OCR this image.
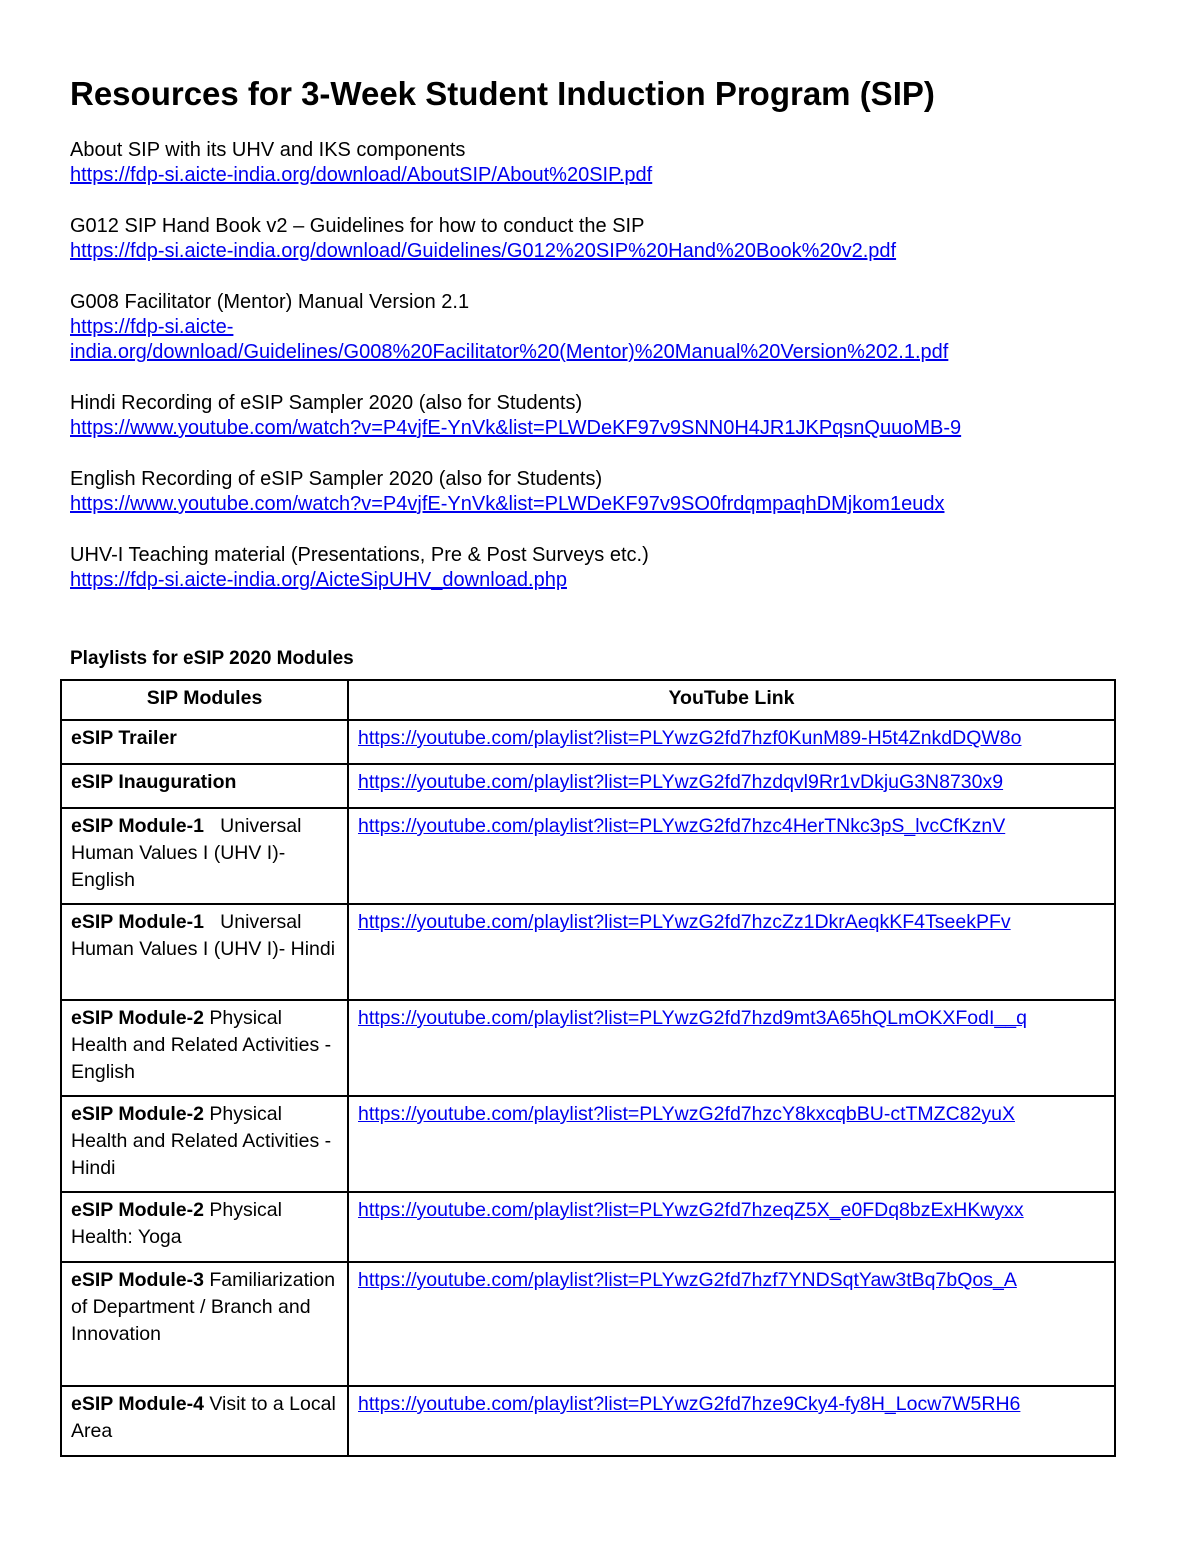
Resources for 3-Week Student Induction Program (SIP)
About SIP with its UHV and IKS components
https://fdp-si.aicte-india.org/download/AboutSIP/About%20SIP.pdf
G012 SIP Hand Book v2 – Guidelines for how to conduct the SIP
https://fdp-si.aicte-india.org/download/Guidelines/G012%20SIP%20Hand%20Book%20v2.pdf
G008 Facilitator (Mentor) Manual Version 2.1
https://fdp-si.aicte-
india.org/download/Guidelines/G008%20Facilitator%20(Mentor)%20Manual%20Version%202.1.pdf
Hindi Recording of eSIP Sampler 2020 (also for Students)
https://www.youtube.com/watch?v=P4vjfE-YnVk&list=PLWDeKF97v9SNN0H4JR1JKPqsnQuuoMB-9
English Recording of eSIP Sampler 2020 (also for Students)
https://www.youtube.com/watch?v=P4vjfE-YnVk&list=PLWDeKF97v9SO0frdqmpaqhDMjkom1eudx
UHV-I Teaching material (Presentations, Pre & Post Surveys etc.)
https://fdp-si.aicte-india.org/AicteSipUHV_download.php
Playlists for eSIP 2020 Modules
SIP Modules	YouTube Link
eSIP Trailer	https://youtube.com/playlist?list=PLYwzG2fd7hzf0KunM89-H5t4ZnkdDQW8o
eSIP Inauguration	https://youtube.com/playlist?list=PLYwzG2fd7hzdqvl9Rr1vDkjuG3N8730x9
eSIP Module-1   Universal Human Values I (UHV I)- English	https://youtube.com/playlist?list=PLYwzG2fd7hzc4HerTNkc3pS_lvcCfKznV
eSIP Module-1   Universal Human Values I (UHV I)- Hindi	https://youtube.com/playlist?list=PLYwzG2fd7hzcZz1DkrAeqkKF4TseekPFv
eSIP Module-2 Physical Health and Related Activities - English	https://youtube.com/playlist?list=PLYwzG2fd7hzd9mt3A65hQLmOKXFodI__q
eSIP Module-2 Physical Health and Related Activities - Hindi	https://youtube.com/playlist?list=PLYwzG2fd7hzcY8kxcqbBU-ctTMZC82yuX
eSIP Module-2 Physical Health: Yoga	https://youtube.com/playlist?list=PLYwzG2fd7hzeqZ5X_e0FDq8bzExHKwyxx
eSIP Module-3 Familiarization of Department / Branch and Innovation	https://youtube.com/playlist?list=PLYwzG2fd7hzf7YNDSqtYaw3tBq7bQos_A
eSIP Module-4 Visit to a Local Area	https://youtube.com/playlist?list=PLYwzG2fd7hze9Cky4-fy8H_Locw7W5RH6
